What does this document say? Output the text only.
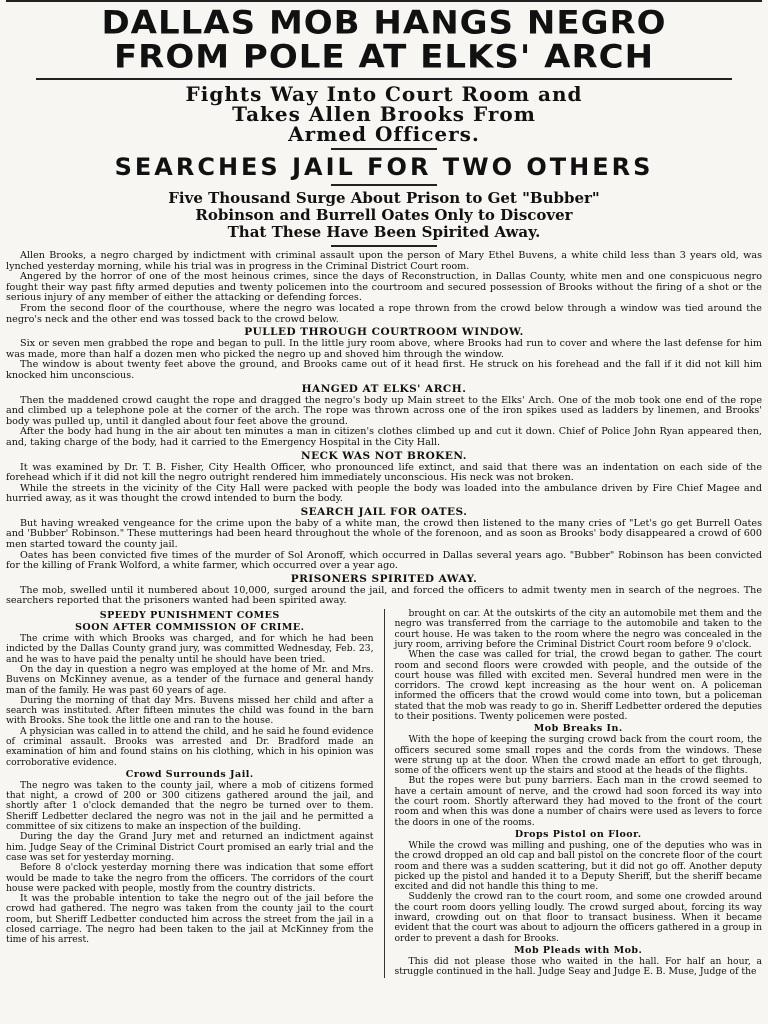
DALLAS MOB HANGS NEGRO
FROM POLE AT ELKS' ARCH

Fights Way Into Court Room and

Takes Allen Brooks From

Armed Officers.

SEARCHES JAIL FOR TWO OTHERS

Five Thousand Surge About Prison to Get "Bubber"

Robinson and Burrell Oates Only to Discover

That These Have Been Spirited Away.

Allen Brooks, a negro charged by indictment with criminal assault upon the person of Mary Ethel Buvens, a white child less than 3 years old, was lynched yesterday morning, while his trial was in progress in the Criminal District Court room.

Angered by the horror of one of the most heinous crimes, since the days of Reconstruction, in Dallas County, white men and one conspicuous negro fought their way past fifty armed deputies and twenty policemen into the courtroom and secured possession of Brooks without the firing of a shot or the serious injury of any member of either the attacking or defending forces.

From the second floor of the courthouse, where the negro was located a rope thrown from the crowd below through a window was tied around the negro's neck and the other end was tossed back to the crowd below.

PULLED THROUGH COURTROOM WINDOW.

Six or seven men grabbed the rope and began to pull. In the little jury room above, where Brooks had run to cover and where the last defense for him was made, more than half a dozen men who picked the negro up and shoved him through the window.

The window is about twenty feet above the ground, and Brooks came out of it head first. He struck on his forehead and the fall if it did not kill him knocked him unconscious.

HANGED AT ELKS' ARCH.

Then the maddened crowd caught the rope and dragged the negro's body up Main street to the Elks' Arch. One of the mob took one end of the rope and climbed up a telephone pole at the corner of the arch. The rope was thrown across one of the iron spikes used as ladders by linemen, and Brooks' body was pulled up, until it dangled about four feet above the ground.

After the body had hung in the air about ten minutes a man in citizen's clothes climbed up and cut it down. Chief of Police John Ryan appeared then, and, taking charge of the body, had it carried to the Emergency Hospital in the City Hall.

NECK WAS NOT BROKEN.

It was examined by Dr. T. B. Fisher, City Health Officer, who pronounced life extinct, and said that there was an indentation on each side of the forehead which if it did not kill the negro outright rendered him immediately unconscious. His neck was not broken.

While the streets in the vicinity of the City Hall were packed with people the body was loaded into the ambulance driven by Fire Chief Magee and hurried away, as it was thought the crowd intended to burn the body.

SEARCH JAIL FOR OATES.

But having wreaked vengeance for the crime upon the baby of a white man, the crowd then listened to the many cries of "Let's go get Burrell Oates and 'Bubber' Robinson." These mutterings had been heard throughout the whole of the forenoon, and as soon as Brooks' body disappeared a crowd of 600 men started toward the county jail.

Oates has been convicted five times of the murder of Sol Aronoff, which occurred in Dallas several years ago. "Bubber" Robinson has been convicted for the killing of Frank Wolford, a white farmer, which occurred over a year ago.

PRISONERS SPIRITED AWAY.

The mob, swelled until it numbered about 10,000, surged around the jail, and forced the officers to admit twenty men in search of the negroes. The searchers reported that the prisoners wanted had been spirited away.

SPEEDY PUNISHMENT COMES

SOON AFTER COMMISSION OF CRIME.

The crime with which Brooks was charged, and for which he had been indicted by the Dallas County grand jury, was committed Wednesday, Feb. 23, and he was to have paid the penalty until he should have been tried.

On the day in question a negro was employed at the home of Mr. and Mrs. Buvens on McKinney avenue, as a tender of the furnace and general handy man of the family. He was past 60 years of age.

During the morning of that day Mrs. Buvens missed her child and after a search was instituted. After fifteen minutes the child was found in the barn with Brooks. She took the little one and ran to the house.

A physician was called in to attend the child, and he said he found evidence of criminal assault. Brooks was arrested and Dr. Bradford made an examination of him and found stains on his clothing, which in his opinion was corroborative evidence.

Crowd Surrounds Jail.

The negro was taken to the county jail, where a mob of citizens formed that night, a crowd of 200 or 300 citizens gathered around the jail, and shortly after 1 o'clock demanded that the negro be turned over to them. Sheriff Ledbetter declared the negro was not in the jail and he permitted a committee of six citizens to make an inspection of the building.

During the day the Grand Jury met and returned an indictment against him. Judge Seay of the Criminal District Court promised an early trial and the case was set for yesterday morning.

Before 8 o'clock yesterday morning there was indication that some effort would be made to take the negro from the officers. The corridors of the court house were packed with people, mostly from the country districts.

It was the probable intention to take the negro out of the jail before the crowd had gathered. The negro was taken from the county jail to the court room, but Sheriff Ledbetter conducted him across the street from the jail in a closed carriage. The negro had been taken to the jail at McKinney from the time of his arrest.

brought on car. At the outskirts of the city an automobile met them and the negro was transferred from the carriage to the automobile and taken to the court house. He was taken to the room where the negro was concealed in the jury room, arriving before the Criminal District Court room before 9 o'clock.

When the case was called for trial, the crowd began to gather. The court room and second floors were crowded with people, and the outside of the court house was filled with excited men. Several hundred men were in the corridors. The crowd kept increasing as the hour went on. A policeman informed the officers that the crowd would come into town, but a policeman stated that the mob was ready to go in. Sheriff Ledbetter ordered the deputies to their positions. Twenty policemen were posted.

Mob Breaks In.

With the hope of keeping the surging crowd back from the court room, the officers secured some small ropes and the cords from the windows. These were strung up at the door. When the crowd made an effort to get through, some of the officers went up the stairs and stood at the heads of the flights.

But the ropes were but puny barriers. Each man in the crowd seemed to have a certain amount of nerve, and the crowd had soon forced its way into the court room. Shortly afterward they had moved to the front of the court room and when this was done a number of chairs were used as levers to force the doors in one of the rooms.

Drops Pistol on Floor.

While the crowd was milling and pushing, one of the deputies who was in the crowd dropped an old cap and ball pistol on the concrete floor of the court room and there was a sudden scattering, but it did not go off. Another deputy picked up the pistol and handed it to a Deputy Sheriff, but the sheriff became excited and did not handle this thing to me.

Suddenly the crowd ran to the court room, and some one crowded around the court room doors yelling loudly. The crowd surged about, forcing its way inward, crowding out on that floor to transact business. When it became evident that the court was about to adjourn the officers gathered in a group in order to prevent a dash for Brooks.

Mob Pleads with Mob.

This did not please those who waited in the hall. For half an hour, a struggle continued in the hall. Judge Seay and Judge E. B. Muse, Judge of the
